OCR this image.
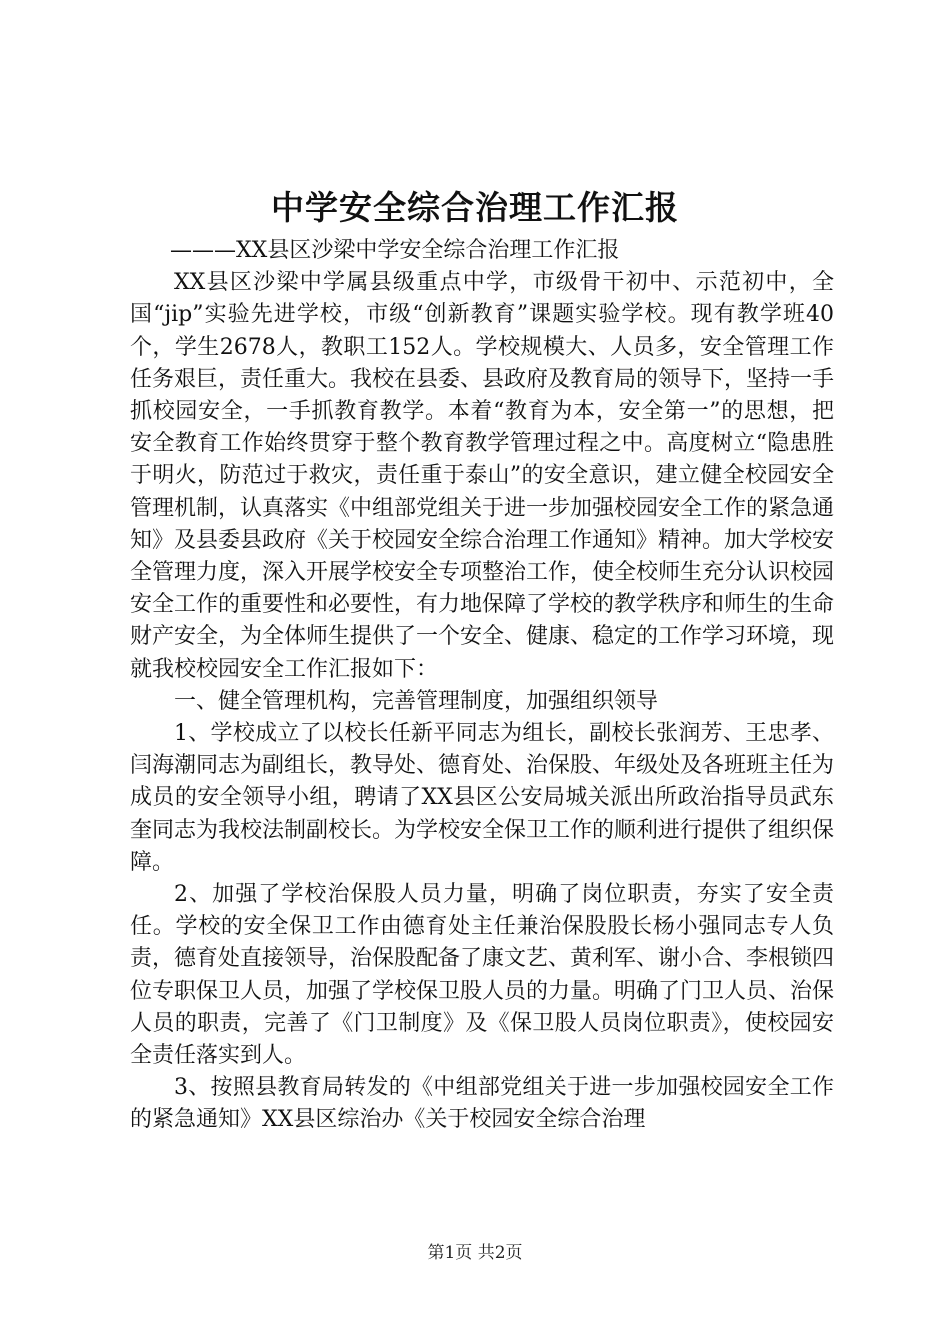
中学安全综合治理工作汇报

———XX县区沙梁中学安全综合治理工作汇报

XX县区沙梁中学属县级重点中学，市级骨干初中、示范初中，全国“jip”实验先进学校，市级“创新教育”课题实验学校。现有教学班40个，学生2678人，教职工152人。学校规模大、人员多，安全管理工作任务艰巨，责任重大。我校在县委、县政府及教育局的领导下，坚持一手抓校园安全，一手抓教育教学。本着“教育为本，安全第一”的思想，把安全教育工作始终贯穿于整个教育教学管理过程之中。高度树立“隐患胜于明火，防范过于救灾，责任重于泰山”的安全意识，建立健全校园安全管理机制，认真落实《中组部党组关于进一步加强校园安全工作的紧急通知》及县委县政府《关于校园安全综合治理工作通知》精神。加大学校安全管理力度，深入开展学校安全专项整治工作，使全校师生充分认识校园安全工作的重要性和必要性，有力地保障了学校的教学秩序和师生的生命财产安全，为全体师生提供了一个安全、健康、稳定的工作学习环境，现就我校校园安全工作汇报如下：

一、健全管理机构，完善管理制度，加强组织领导

1、学校成立了以校长任新平同志为组长，副校长张润芳、王忠孝、闫海潮同志为副组长，教导处、德育处、治保股、年级处及各班班主任为成员的安全领导小组，聘请了XX县区公安局城关派出所政治指导员武东奎同志为我校法制副校长。为学校安全保卫工作的顺利进行提供了组织保障。

2、加强了学校治保股人员力量，明确了岗位职责，夯实了安全责任。学校的安全保卫工作由德育处主任兼治保股股长杨小强同志专人负责，德育处直接领导，治保股配备了康文艺、黄利军、谢小合、李根锁四位专职保卫人员，加强了学校保卫股人员的力量。明确了门卫人员、治保人员的职责，完善了《门卫制度》及《保卫股人员岗位职责》，使校园安全责任落实到人。

3、按照县教育局转发的《中组部党组关于进一步加强校园安全工作的紧急通知》XX县区综治办《关于校园安全综合治理

第1页 共2页
